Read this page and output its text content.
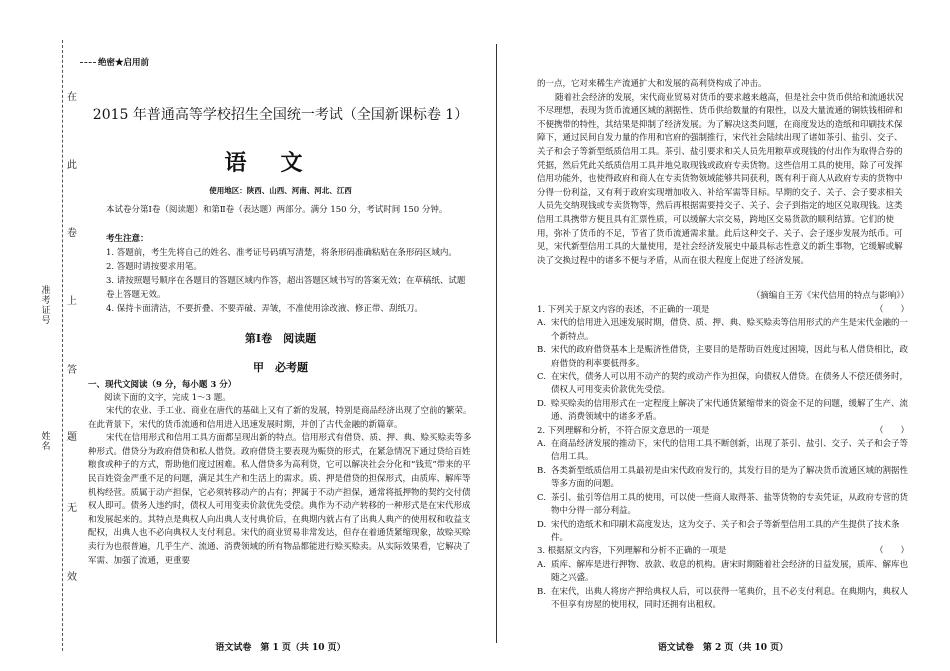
在
此
卷
上
答
题
无
效
准考证号
姓名
绝密★启用前
2015 年普通高等学校招生全国统一考试（全国新课标卷 1）
语文
使用地区：陕西、山西、河南、河北、江西
本试卷分第Ⅰ卷（阅读题）和第Ⅱ卷（表达题）两部分。满分 150 分，考试时间 150 分钟。
考生注意：
1. 答题前，考生先将自己的姓名、准考证号码填写清楚，将条形码准确粘贴在条形码区域内。
2. 答题时请按要求用笔。
3. 请按照题号顺序在各题目的答题区域内作答，超出答题区域书写的答案无效；在草稿纸、试题卷上答题无效。
4. 保持卡面清洁，不要折叠、不要弄破、弄皱，不准使用涂改液、修正带、刮纸刀。
第Ⅰ卷　阅读题
甲　必考题
一、现代文阅读（9 分，每小题 3 分）
阅读下面的文字，完成 1～3 题。
宋代的农业、手工业、商业在唐代的基础上又有了新的发展，特别是商品经济出现了空前的繁荣。在此背景下，宋代的货币流通和信用进入迅速发展时期，并创了古代金融的新篇章。
宋代在信用形式和信用工具方面都呈现出新的特点。信用形式有借贷、质、押、典、赊买赊卖等多种形式。借贷分为政府借贷和私人借贷。政府借贷主要表现为赈贷的形式，在紧急情况下通过贷给百姓粮食或种子的方式，帮助他们度过困难。私人借贷多为高利贷，它可以解决社会分化和“钱荒”带来的平民百姓资金严重不足的问题，满足其生产和生活上的需求。质、押是借贷的担保形式，由质库、解库等机构经营。质属于动产担保，它必须转移动产的占有；押属于不动产担保，通常将抵押物的契约交付债权人即可。债务人违约时，债权人可用变卖价款优先受偿。典作为不动产转移的一种形式是在宋代形成和发展起来的。其特点是典权人向出典人支付典价后，在典期内就占有了出典人典产的使用权和收益支配权，出典人也不必向典权人支付利息。宋代的商业贸易非常发达，但存在着通货紧缩现象，故赊买赊卖行为也很普遍，几乎生产、流通、消费领域的所有物品都能进行赊买赊卖。从实际效果看，它解决了军需、加强了流通，更重要
语文试卷　第 1 页（共 10 页）
的一点，它对来稀生产流通扩大和发展的高利贷构成了冲击。
随着社会经济的发展，宋代商业贸易对货币的要求越来越高，但是社会中货币供给和流通状况不尽理想，表现为货币流通区域的割据性、货币供给数量的有限性，以及大量流通的铜铁钱相碎和不便携带的特性，其结果是抑制了经济发展。为了解决这类问题，在商度发达的造纸和印刷技术保障下，通过民间自发力量的作用和官府的强制推行，宋代社会陆续出现了诸如茶引、盐引、交子、关子和会子等新型纸质信用工具。茶引、盐引要求和关人员先用粮草或现钱的付出作为取得合券的凭据，然后凭此关纸质信用工具并地兑取现钱或政府专卖货物。这些信用工具的使用，除了可发挥信用功能外，也使得政府和商人在专卖货物领域能够共同获利，既有利于商人从政府专卖的货物中分得一份利益，又有利于政府实现增加收入、补给军需等目标。早期的交子、关子、会子要求相关人员先交纳现钱或专卖货物等，然后再根据需要持交子、关子、会子到指定的地区兑取现钱。这类信用工具携带方便且具有汇票性质，可以缓解大宗交易，跨地区交易货款的顺利结算。它们的使用，弥补了货币的不足，节省了货币流通需求量。此后这种交子、关子、会子逐步发展为纸币。可见，宋代新型信用工具的大量使用，是社会经济发展史中最具标志性意义的新生事物，它缓解或解决了交换过程中的诸多不便与矛盾，从而在很大程度上促进了经济发展。
（摘编自王芳《宋代信用的特点与影响》）
1. 下列关于原文内容的表述，不正确的一项是	（　　）
A. 宋代的信用进入迅速发展时期，借贷、质、押、典、赊买赊卖等信用形式的产生是宋代金融的一个新特点。
B. 宋代的政府借贷基本上是赈济性借贷，主要目的是帮助百姓度过困境，因此与私人借贷相比，政府借贷的利率要低得多。
C. 在宋代，债务人可以用不动产的契约或动产作为担保，向债权人借贷。在债务人不偿还债务时，债权人可用变卖价款优先受偿。
D. 赊买赊卖的信用形式在一定程度上解决了宋代通货紧缩带来的资金不足的问题，缓解了生产、流通、消费领域中的诸多矛盾。
2. 下列理解和分析，不符合原文意思的一项是	（　　）
A. 在商品经济发展的推动下，宋代的信用工具不断创新，出现了茶引、盐引、交子、关子和会子等信用工具。
B. 各类新型纸质信用工具最初是由宋代政府发行的，其发行目的是为了解决货币流通区域的割据性等多方面的问题。
C. 茶引、盐引等信用工具的使用，可以使一些商人取得茶、盐等货物的专卖凭证，从政府专营的货物中分得一部分利益。
D. 宋代的造纸术和印刷术高度发达，这为交子、关子和会子等新型信用工具的产生提供了技术条件。
3. 根据原文内容，下列理解和分析不正确的一项是	（　　）
A. 质库、解库是进行押物、放款、收息的机构。唐宋时期随着社会经济的日益发展，质库、解库也随之兴盛。
B. 在宋代，出典人将房产押给典权人后，可以获得一笔典价，且不必支付利息。在典期内，典权人不但享有房屋的使用权，同时还拥有出租权。
语文试卷　第 2 页（共 10 页）
